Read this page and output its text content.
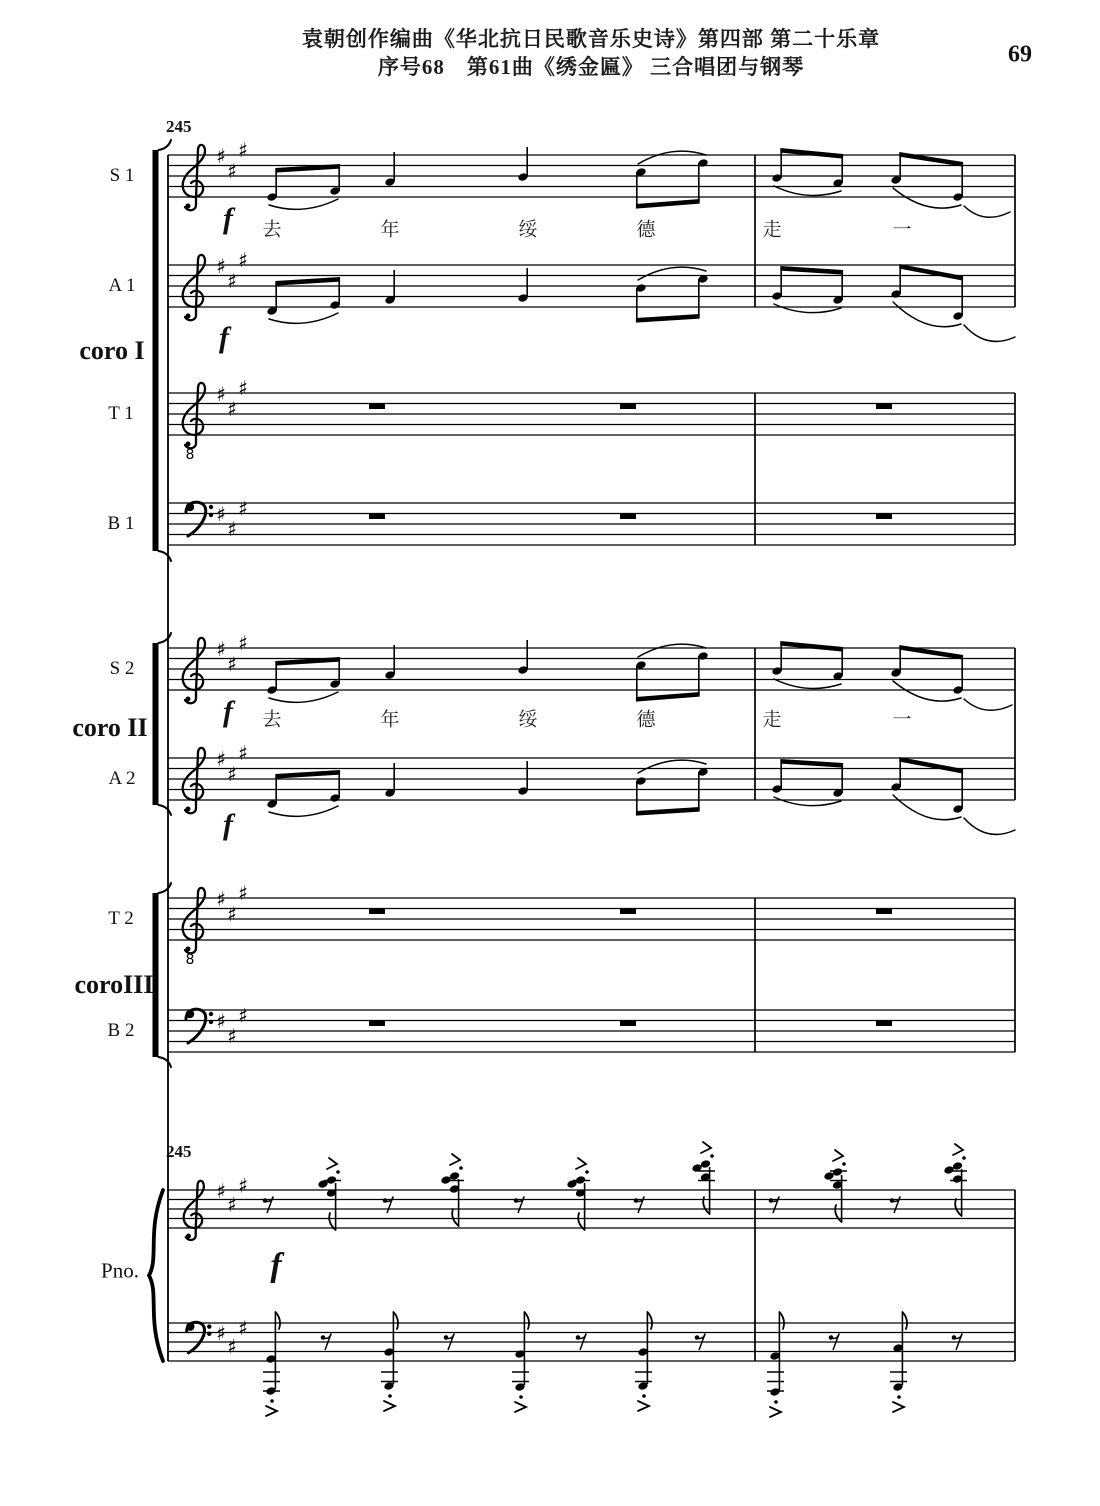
袁朝创作编曲《华北抗日民歌音乐史诗》第四部 第二十乐章
序号68　第61曲《绣金匾》 三合唱团与钢琴	69
♯
♯
♯
♯
♯
♯
8
♯
♯
♯
♯
♯
♯
♯
♯
♯
♯
♯
♯
8
♯
♯
♯
♯
♯
♯
♯
♯
♯
♯
♯
♯
S 1
A 1
T 1
B 1
S 2
A 2
T 2
B 2
coro I
coro II
coroIII
Pno.
245
245
f
f
f
f
f
去	年	绥	德	走	一
去	年	绥	德	走	一
